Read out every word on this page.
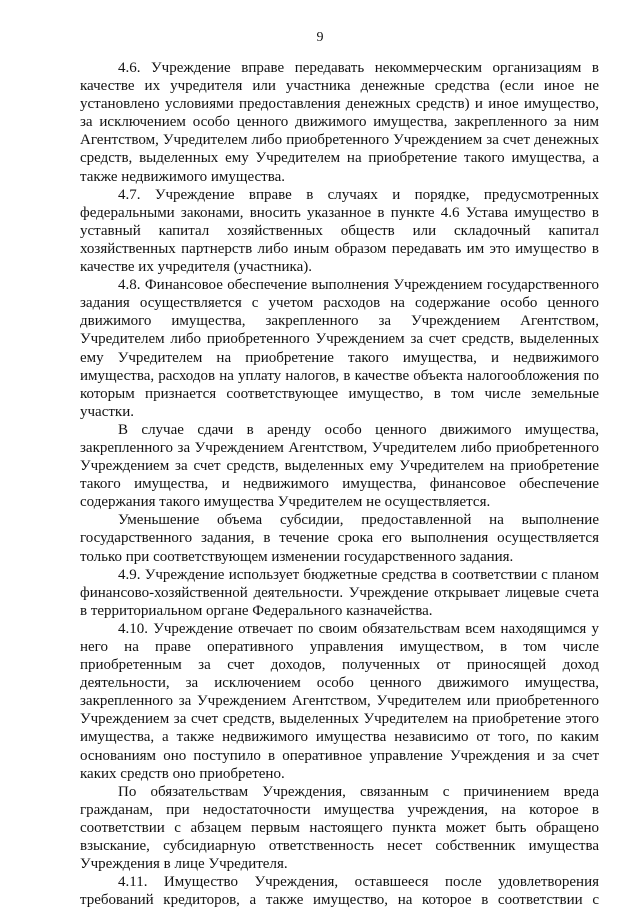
9

4.6. Учреждение вправе передавать некоммерческим организациям в качестве их учредителя или участника денежные средства (если иное не установлено условиями предоставления денежных средств) и иное имущество, за исключением особо ценного движимого имущества, закрепленного за ним Агентством, Учредителем либо приобретенного Учреждением за счет денежных средств, выделенных ему Учредителем на приобретение такого имущества, а также недвижимого имущества.

4.7. Учреждение вправе в случаях и порядке, предусмотренных федеральными законами, вносить указанное в пункте 4.6 Устава имущество в уставный капитал хозяйственных обществ или складочный капитал хозяйственных партнерств либо иным образом передавать им это имущество в качестве их учредителя (участника).

4.8. Финансовое обеспечение выполнения Учреждением государственного задания осуществляется с учетом расходов на содержание особо ценного движимого имущества, закрепленного за Учреждением Агентством, Учредителем либо приобретенного Учреждением за счет средств, выделенных ему Учредителем на приобретение такого имущества, и недвижимого имущества, расходов на уплату налогов, в качестве объекта налогообложения по которым признается соответствующее имущество, в том числе земельные участки.

В случае сдачи в аренду особо ценного движимого имущества, закрепленного за Учреждением Агентством, Учредителем либо приобретенного Учреждением за счет средств, выделенных ему Учредителем на приобретение такого имущества, и недвижимого имущества, финансовое обеспечение содержания такого имущества Учредителем не осуществляется.

Уменьшение объема субсидии, предоставленной на выполнение государственного задания, в течение срока его выполнения осуществляется только при соответствующем изменении государственного задания.

4.9. Учреждение использует бюджетные средства в соответствии с планом финансово-хозяйственной деятельности. Учреждение открывает лицевые счета в территориальном органе Федерального казначейства.

4.10. Учреждение отвечает по своим обязательствам всем находящимся у него на праве оперативного управления имуществом, в том числе приобретенным за счет доходов, полученных от приносящей доход деятельности, за исключением особо ценного движимого имущества, закрепленного за Учреждением Агентством, Учредителем или приобретенного Учреждением за счет средств, выделенных Учредителем на приобретение этого имущества, а также недвижимого имущества независимо от того, по каким основаниям оно поступило в оперативное управление Учреждения и за счет каких средств оно приобретено.

По обязательствам Учреждения, связанным с причинением вреда гражданам, при недостаточности имущества учреждения, на которое в соответствии с абзацем первым настоящего пункта может быть обращено взыскание, субсидиарную ответственность несет собственник имущества Учреждения в лице Учредителя.

4.11. Имущество Учреждения, оставшееся после удовлетворения требований кредиторов, а также имущество, на которое в соответствии с
